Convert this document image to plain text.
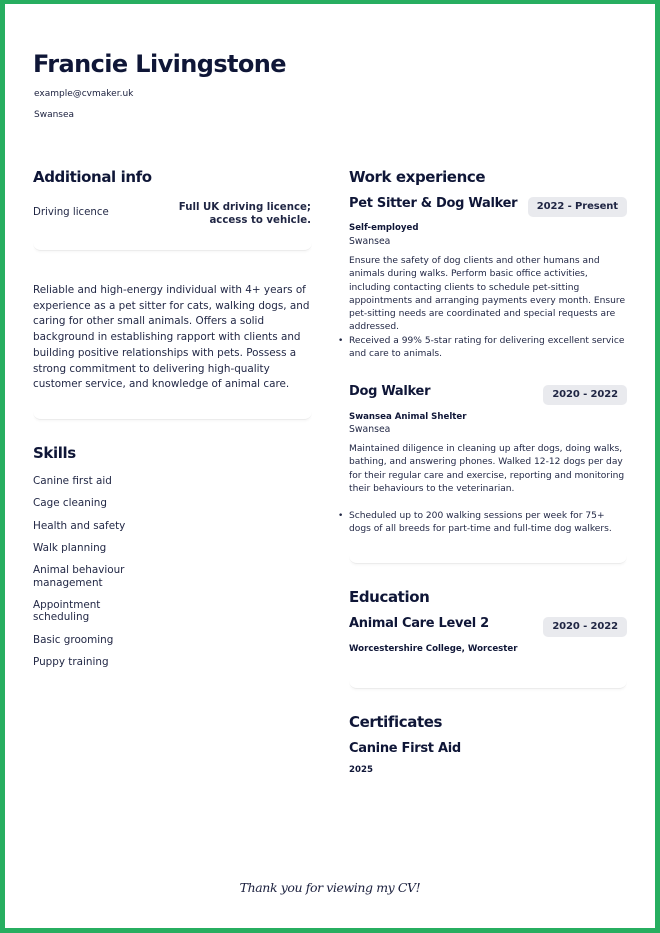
Francie Livingstone
example@cvmaker.uk
Swansea
Additional info
Driving licence	Full UK driving licence; access to vehicle.
Reliable and high-energy individual with 4+ years of experience as a pet sitter for cats, walking dogs, and caring for other small animals. Offers a solid background in establishing rapport with clients and building positive relationships with pets. Possess a strong commitment to delivering high-quality customer service, and knowledge of animal care.
Skills
Canine first aid
Cage cleaning
Health and safety
Walk planning
Animal behaviour management
Appointment scheduling
Basic grooming
Puppy training
Work experience
Pet Sitter & Dog Walker	2022 - Present
Self-employed
Swansea
Ensure the safety of dog clients and other humans and animals during walks. Perform basic office activities, including contacting clients to schedule pet-sitting appointments and arranging payments every month. Ensure pet-sitting needs are coordinated and special requests are addressed.
• Received a 99% 5-star rating for delivering excellent service and care to animals.
Dog Walker	2020 - 2022
Swansea Animal Shelter
Swansea
Maintained diligence in cleaning up after dogs, doing walks, bathing, and answering phones. Walked 12-12 dogs per day for their regular care and exercise, reporting and monitoring their behaviours to the veterinarian.
• Scheduled up to 200 walking sessions per week for 75+ dogs of all breeds for part-time and full-time dog walkers.
Education
Animal Care Level 2	2020 - 2022
Worcestershire College, Worcester
Certificates
Canine First Aid
2025
Thank you for viewing my CV!
